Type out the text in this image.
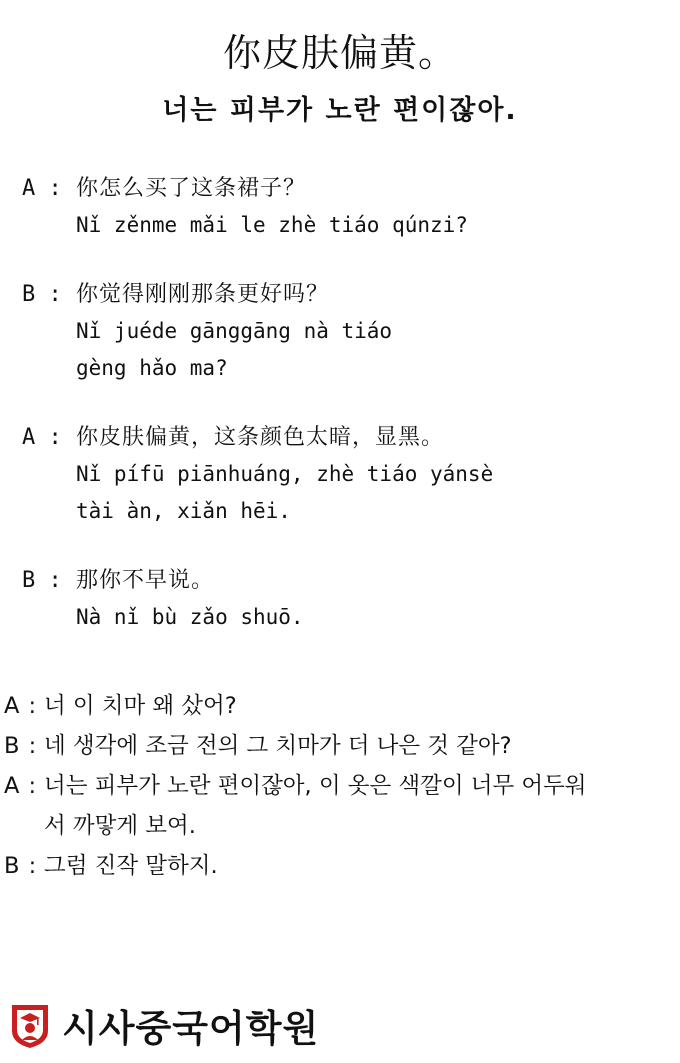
你皮肤偏黄。
너는 피부가 노란 편이잖아.
A : 你怎么买了这条裙子？
Nǐ zěnme mǎi le zhè tiáo qúnzi?
B : 你觉得刚刚那条更好吗？
Nǐ juéde gānggāng nà tiáo
gèng hǎo ma?
A : 你皮肤偏黄，这条颜色太暗，显黑。
Nǐ pífū piānhuáng, zhè tiáo yánsè
tài àn, xiǎn hēi.
B : 那你不早说。
Nà nǐ bù zǎo shuō.
A : 너 이 치마 왜 샀어?
B : 네 생각에 조금 전의 그 치마가 더 나은 것 같아?
A : 너는 피부가 노란 편이잖아, 이 옷은 색깔이 너무 어두워
서 까맣게 보여.
B : 그럼 진작 말하지.
시사중국어학원
